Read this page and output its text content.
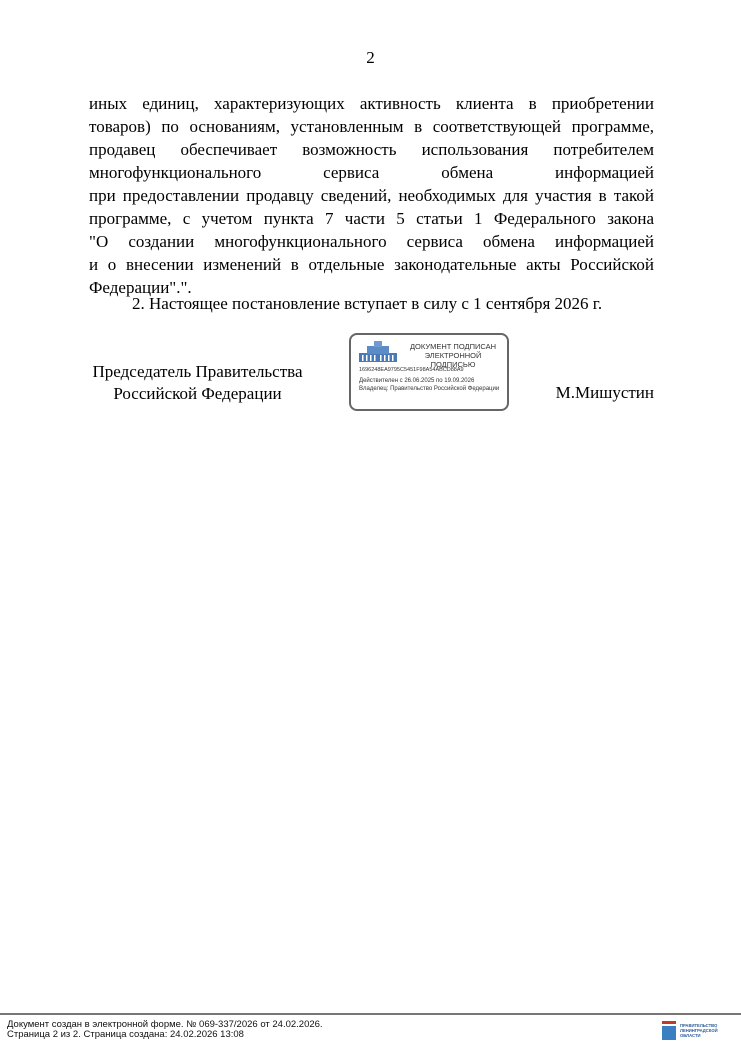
2
иных единиц, характеризующих активность клиента в приобретении
товаров) по основаниям, установленным в соответствующей программе,
продавец обеспечивает возможность использования потребителем
многофункционального сервиса обмена информацией
при предоставлении продавцу сведений, необходимых для участия в такой
программе, с учетом пункта 7 части 5 статьи 1 Федерального закона
"О создании многофункционального сервиса обмена информацией
и о внесении изменений в отдельные законодательные акты Российской
Федерации".".
2. Настоящее постановление вступает в силу с 1 сентября 2026 г.
Председатель Правительства
Российской Федерации
ДОКУМЕНТ ПОДПИСАН
ЭЛЕКТРОННОЙ ПОДПИСЬЮ
1696248EA9795C5451F98A54ABCD88A9
Действителен с 26.06.2025 по 19.09.2026
Владелец: Правительство Российской Федерации	М.Мишустин
Документ создан в электронной форме. № 069-337/2026 от 24.02.2026.
Страница 2 из 2. Страница создана: 24.02.2026 13:08
ПРАВИТЕЛЬСТВО ЛЕНИНГРАДСКОЙ ОБЛАСТИ
